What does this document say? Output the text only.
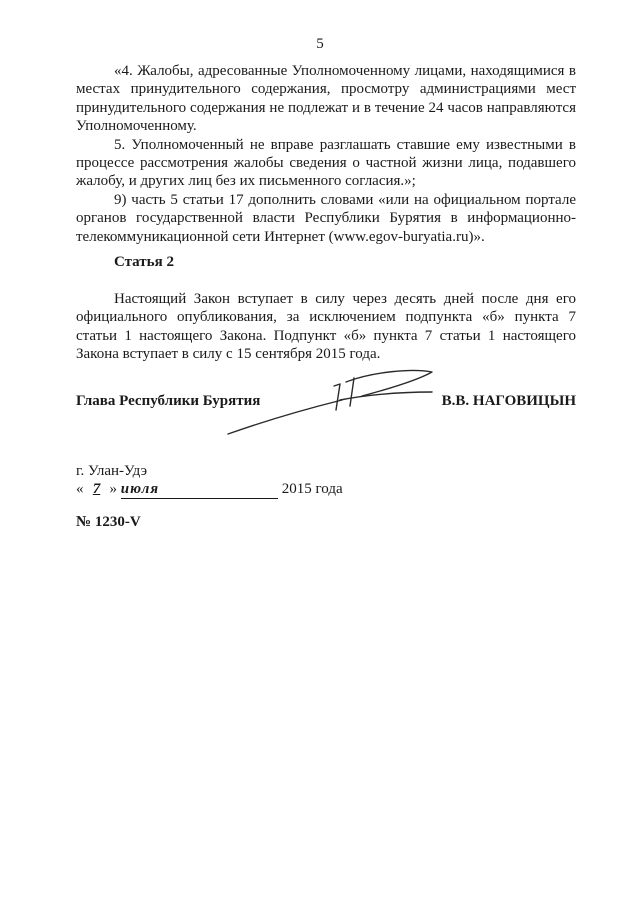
5

«4. Жалобы, адресованные Уполномоченному лицами, находящимися в местах принудительного содержания, просмотру администрациями мест принудительного содержания не подлежат и в течение 24 часов направляются Уполномоченному.

5. Уполномоченный не вправе разглашать ставшие ему известными в процессе рассмотрения жалобы сведения о частной жизни лица, подавшего жалобу, и других лиц без их письменного согласия.»;

9) часть 5 статьи 17 дополнить словами «или на официальном портале органов государственной власти Республики Бурятия в информационно-телекоммуникационной сети Интернет (www.egov-buryatia.ru)».

Статья 2

Настоящий Закон вступает в силу через десять дней после дня его официального опубликования, за исключением подпункта «б» пункта 7 статьи 1 настоящего Закона. Подпункт «б» пункта 7 статьи 1 настоящего Закона вступает в силу с 15 сентября 2015 года.

Глава Республики Бурятия	В.В. НАГОВИЦЫН
г. Улан-Удэ
« 7 » июля	2015 года
№ 1230-V
